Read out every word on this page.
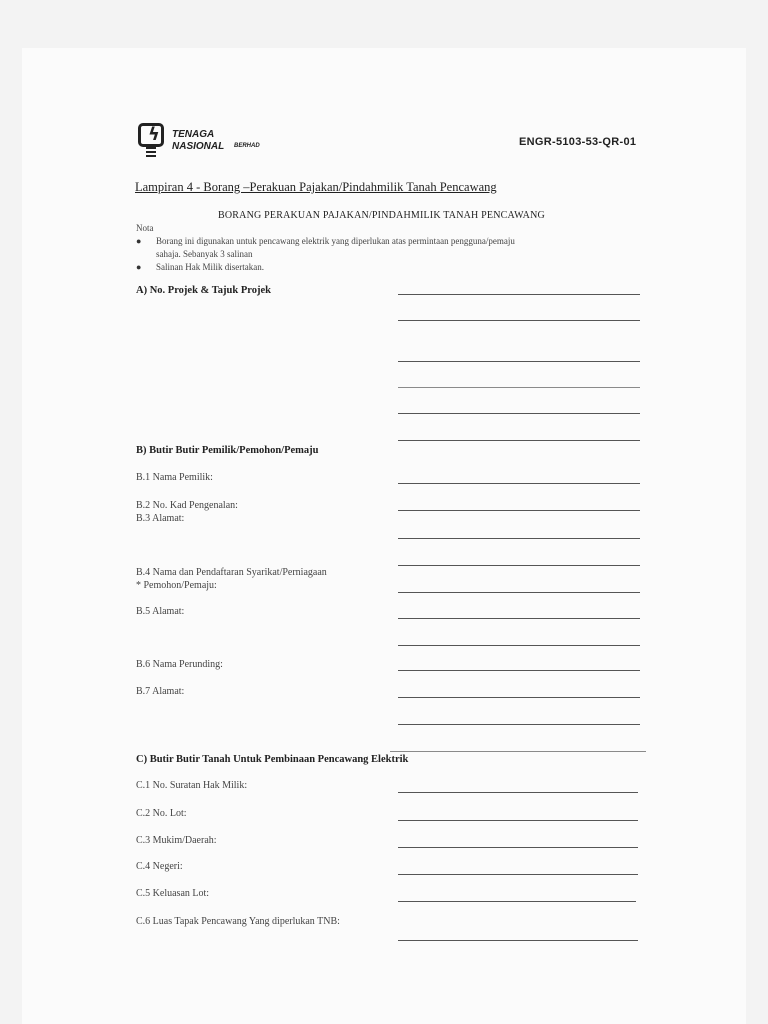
ϟ TENAGA
NASIONAL BERHAD	ENGR-5103-53-QR-01
Lampiran 4 - Borang –Perakuan Pajakan/Pindahmilik Tanah Pencawang
BORANG PERAKUAN PAJAKAN/PINDAHMILIK TANAH PENCAWANG
Nota
● Borang ini digunakan untuk pencawang elektrik yang diperlukan atas permintaan pengguna/pemaju
sahaja. Sebanyak 3 salinan
● Salinan Hak Milik disertakan.
A) No. Projek & Tajuk Projek
B) Butir Butir Pemilik/Pemohon/Pemaju
B.1 Nama Pemilik:
B.2 No. Kad Pengenalan:
B.3 Alamat:
B.4 Nama dan Pendaftaran Syarikat/Perniagaan
* Pemohon/Pemaju:
B.5 Alamat:
B.6 Nama Perunding:
B.7 Alamat:
C) Butir Butir Tanah Untuk Pembinaan Pencawang Elektrik
C.1 No. Suratan Hak Milik:
C.2 No. Lot:
C.3 Mukim/Daerah:
C.4 Negeri:
C.5 Keluasan Lot:
C.6 Luas Tapak Pencawang Yang diperlukan TNB:
